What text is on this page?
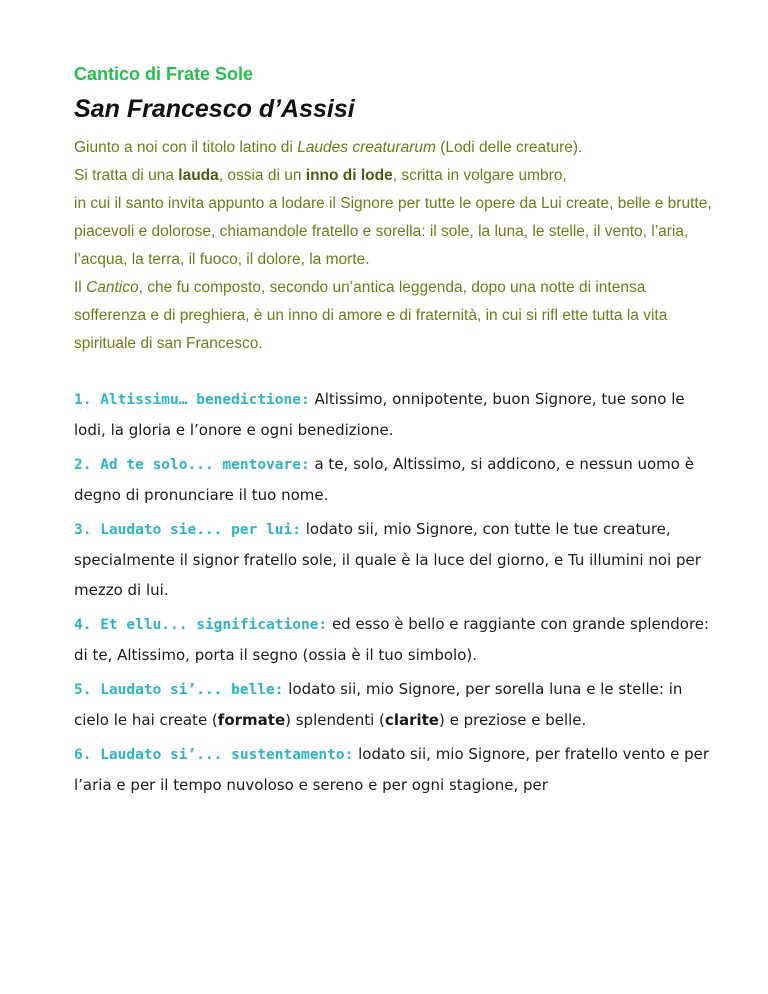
Cantico di Frate Sole
San Francesco d’Assisi
Giunto a noi con il titolo latino di Laudes creaturarum (Lodi delle creature).
Si tratta di una lauda, ossia di un inno di lode, scritta in volgare umbro,
in cui il santo invita appunto a lodare il Signore per tutte le opere da Lui create, belle e brutte, piacevoli e dolorose, chiamandole fratello e sorella: il sole, la luna, le stelle, il vento, l’aria, l’acqua, la terra, il fuoco, il dolore, la morte.
Il Cantico, che fu composto, secondo un’antica leggenda, dopo una notte di intensa sofferenza e di preghiera, è un inno di amore e di fraternità, in cui si rifl ette tutta la vita spirituale di san Francesco.

1. Altissimu… benedictione: Altissimo, onnipotente, buon Signore, tue sono le lodi, la gloria e l’onore e ogni benedizione.

2. Ad te solo... mentovare: a te, solo, Altissimo, si addicono, e nessun uomo è degno di pronunciare il tuo nome.

3. Laudato sie... per lui: lodato sii, mio Signore, con tutte le tue creature, specialmente il signor fratello sole, il quale è la luce del giorno, e Tu illumini noi per mezzo di lui.

4. Et ellu... significatione: ed esso è bello e raggiante con grande splendore: di te, Altissimo, porta il segno (ossia è il tuo simbolo).

5. Laudato si’... belle: lodato sii, mio Signore, per sorella luna e le stelle: in cielo le hai create (formate) splendenti (clarite) e preziose e belle.

6. Laudato si’... sustentamento: lodato sii, mio Signore, per fratello vento e per l’aria e per il tempo nuvoloso e sereno e per ogni stagione, per
